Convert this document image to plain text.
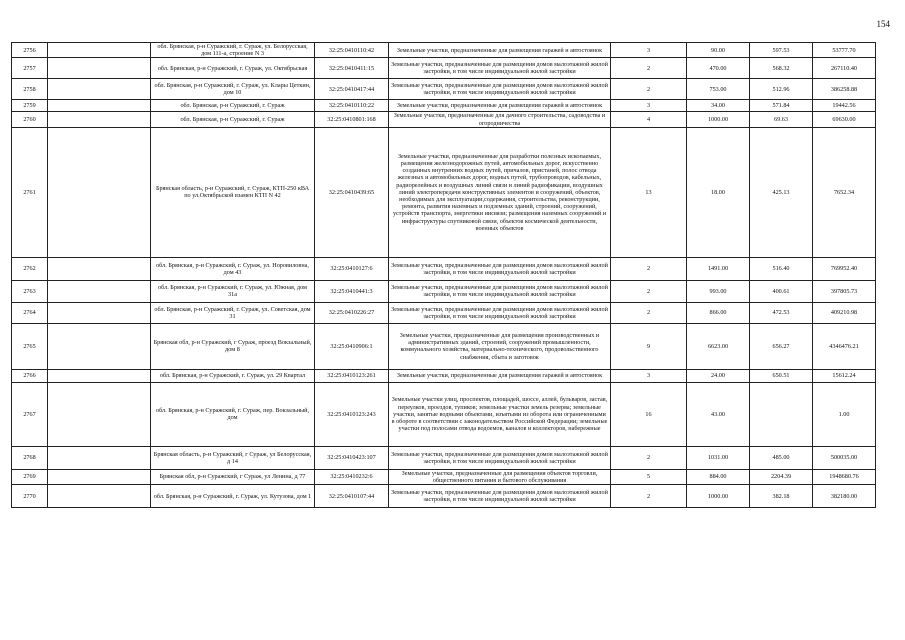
154
2756		обл. Брянская, р-н Суражский, г. Сураж, ул. Белорусская, дом 111-а, строение N 3	32:25:0410110:42	Земельные участки, предназначенные для размещения гаражей и автостоянок	3	90.00	597.53	53777.70
2757		обл. Брянская, р-н Суражский, г. Сураж, ул. Октябрьская	32:25:0410411:15	Земельные участки, предназначенные для размещения домов малоэтажной жилой застройки, в том числе индивидуальной жилой застройки	2	470.00	568.32	267110.40
2758		обл. Брянская, р-н Суражский, г. Сураж, ул. Клары Цеткин, дом 10	32:25:0410417:44	Земельные участки, предназначенные для размещения домов малоэтажной жилой застройки, в том числе индивидуальной жилой застройки	2	753.00	512.96	386258.88
2759		обл. Брянская, р-н Суражский, г. Сураж	32:25:0410110:22	Земельные участки, предназначенные для размещения гаражей и автостоянок	3	34.00	571.84	19442.56
2760		обл. Брянская, р-н Суражский, г. Сураж	32:25:0410801:168	Земельные участки, предназначенные для дачного строительства, садоводства и огородничества	4	1000.00	69.63	69630.00
2761		Брянская область, р-н Суражский, г. Сураж, КТП-250 кВА по ул.Октябрьской взамен КТП N 42	32:25:0410439:65	Земельные участки, предназначенные для разработки полезных ископаемых, размещения железнодорожных путей, автомобильных дорог, искусственно созданных внутренних водных путей, причалов, пристаней, полос отвода железных и автомобильных дорог, водных путей, трубопроводов, кабельных, радиорелейных и воздушных линий связи и линий радиофикации, воздушных линий электропередачи конструктивных элементов и сооружений, объектов, необходимых для эксплуатации,содержания, строительства, реконструкции, ремонта, развития наземных и подземных зданий, строений, сооружений, устройств транспорта, энергетики иисвязи; размещения наземных сооружений и инфраструктуры спутниковой связи, объектов космической деятельности, военных объектов	13	18.00	425.13	7652.34
2762		обл. Брянская, р-н Суражский, г. Сураж, ул. Норовиловна, дом 43	32:25:0410127:6	Земельные участки, предназначенные для размещения домов малоэтажной жилой застройки, в том числе индивидуальной жилой застройки	2	1491.00	516.40	769952.40
2763		обл. Брянская, р-н Суражский, г. Сураж, ул. Южная, дом 31а	32:25:0410441:3	Земельные участки, предназначенные для размещения домов малоэтажной жилой застройки, в том числе индивидуальной жилой застройки	2	993.00	400.61	397805.73
2764		обл. Брянская, р-н Суражский, г. Сураж, ул. Советская, дом 31	32:25:0410226:27	Земельные участки, предназначенные для размещения домов малоэтажной жилой застройки, в том числе индивидуальной жилой застройки	2	866.00	472.53	409210.98
2765		Брянская обл, р-н Суражский, г Сураж, проезд Вокзальный, дом 8	32:25:0410906:1	Земельные участки, предназначенные для размещения производственных и административных зданий, строений, сооружений промышленности, коммунального хозяйства, материально-технического, продовольственного снабжения, сбыта и заготовок	9	6623.00	656.27	4346476.21
2766		обл. Брянская, р-н Суражский, г. Сураж, ул. 29 Квартал	32:25:0410123:261	Земельные участки, предназначенные для размещения гаражей и автостоянок	3	24.00	650.51	15612.24
2767		обл. Брянская, р-н Суражский, г. Сураж, пер. Вокзальный, дом	32:25:0410123:243	Земельные участки улиц, проспектов, площадей, шоссе, аллей, бульваров, застав, переулков, проездов, тупиков; земельные участки земель резерва; земельные участки, занятые водными объектами, изъятыми из оборота или ограниченными в обороте в соответствии с законодательством Российской Федерации; земельные участки под полосами отвода водоемов, каналов и коллекторов, набережные	16	43.00		1.00
2768		Брянская область, р-н Суражский, г Сураж, ул Белорусская, д 14	32:25:0410423:107	Земельные участки, предназначенные для размещения домов малоэтажной жилой застройки, в том числе индивидуальной жилой застройки	2	1031.00	485.00	500035.00
2769		Брянская обл, р-н Суражский, г Сураж, ул Ленина, д 77	32:25:0410232:6	Земельные участки, предназначенные для размещения объектов торговли, общественного питания и бытового обслуживания	5	884.00	2204.39	1948680.76
2770		обл. Брянская, р-н Суражский, г. Сураж, ул. Кутузова, дом 1	32:25:0410107:44	Земельные участки, предназначенные для размещения домов малоэтажной жилой застройки, в том числе индивидуальной жилой застройки	2	1000.00	382.18	382180.00
